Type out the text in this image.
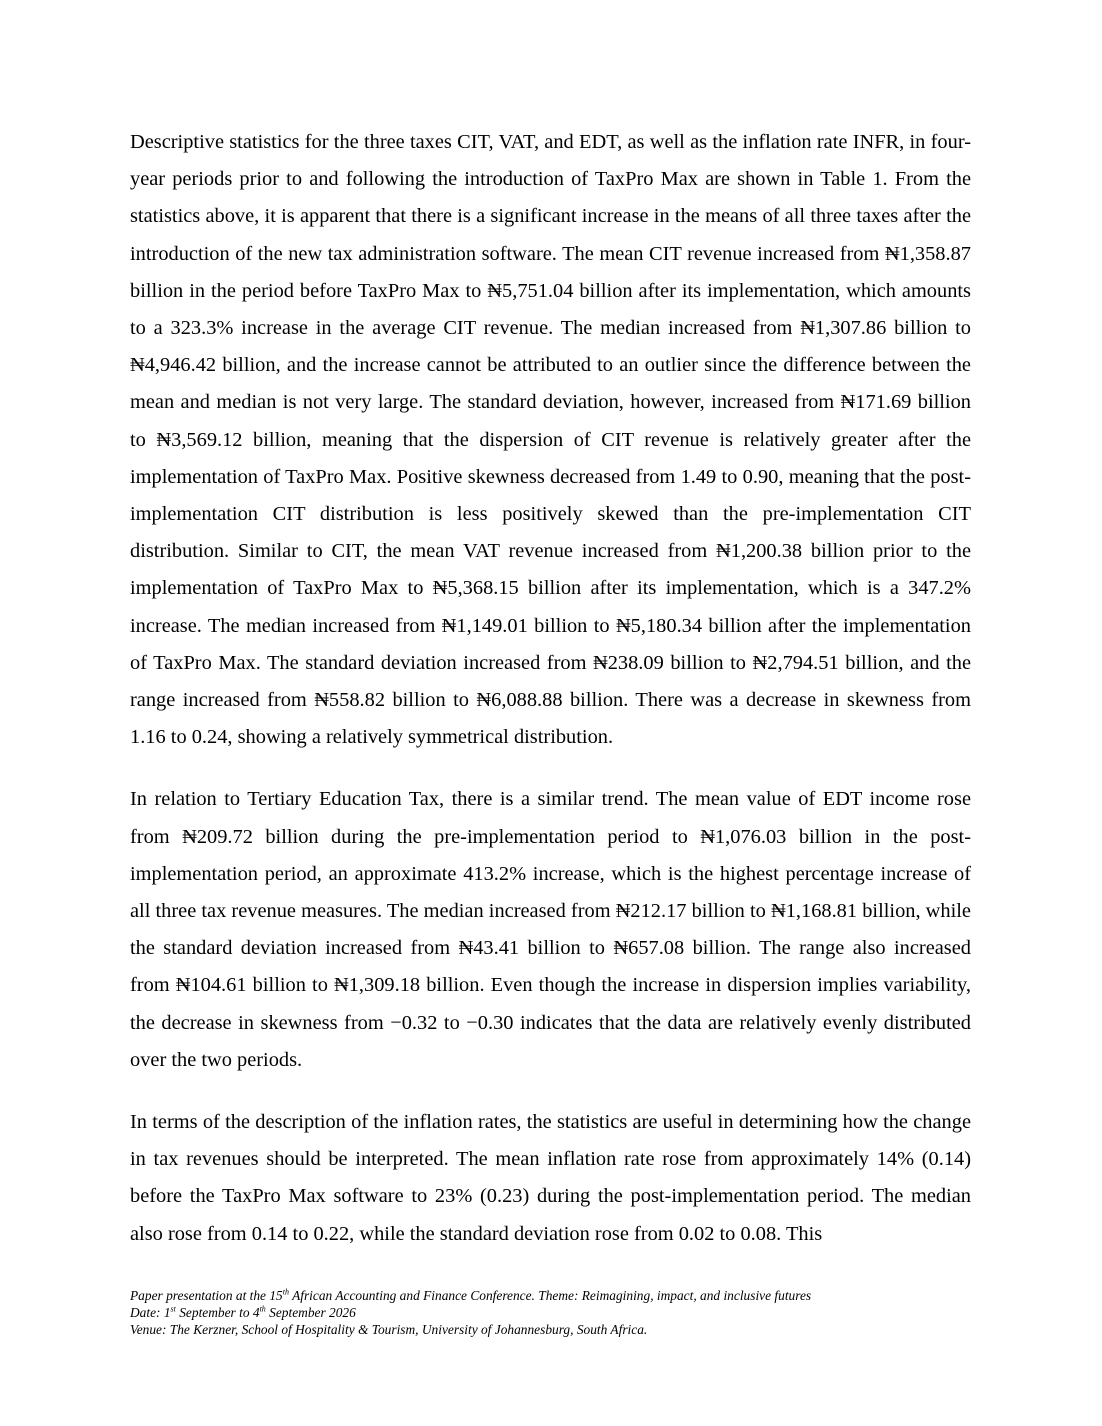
Descriptive statistics for the three taxes CIT, VAT, and EDT, as well as the inflation rate INFR, in four-year periods prior to and following the introduction of TaxPro Max are shown in Table 1. From the statistics above, it is apparent that there is a significant increase in the means of all three taxes after the introduction of the new tax administration software. The mean CIT revenue increased from ₦1,358.87 billion in the period before TaxPro Max to ₦5,751.04 billion after its implementation, which amounts to a 323.3% increase in the average CIT revenue. The median increased from ₦1,307.86 billion to ₦4,946.42 billion, and the increase cannot be attributed to an outlier since the difference between the mean and median is not very large. The standard deviation, however, increased from ₦171.69 billion to ₦3,569.12 billion, meaning that the dispersion of CIT revenue is relatively greater after the implementation of TaxPro Max. Positive skewness decreased from 1.49 to 0.90, meaning that the post-implementation CIT distribution is less positively skewed than the pre-implementation CIT distribution. Similar to CIT, the mean VAT revenue increased from ₦1,200.38 billion prior to the implementation of TaxPro Max to ₦5,368.15 billion after its implementation, which is a 347.2% increase. The median increased from ₦1,149.01 billion to ₦5,180.34 billion after the implementation of TaxPro Max. The standard deviation increased from ₦238.09 billion to ₦2,794.51 billion, and the range increased from ₦558.82 billion to ₦6,088.88 billion. There was a decrease in skewness from 1.16 to 0.24, showing a relatively symmetrical distribution.

In relation to Tertiary Education Tax, there is a similar trend. The mean value of EDT income rose from ₦209.72 billion during the pre-implementation period to ₦1,076.03 billion in the post-implementation period, an approximate 413.2% increase, which is the highest percentage increase of all three tax revenue measures. The median increased from ₦212.17 billion to ₦1,168.81 billion, while the standard deviation increased from ₦43.41 billion to ₦657.08 billion. The range also increased from ₦104.61 billion to ₦1,309.18 billion. Even though the increase in dispersion implies variability, the decrease in skewness from −0.32 to −0.30 indicates that the data are relatively evenly distributed over the two periods.

In terms of the description of the inflation rates, the statistics are useful in determining how the change in tax revenues should be interpreted. The mean inflation rate rose from approximately 14% (0.14) before the TaxPro Max software to 23% (0.23) during the post-implementation period. The median also rose from 0.14 to 0.22, while the standard deviation rose from 0.02 to 0.08. This

Paper presentation at the 15th African Accounting and Finance Conference. Theme: Reimagining, impact, and inclusive futures
Date: 1st September to 4th September 2026
Venue: The Kerzner, School of Hospitality & Tourism, University of Johannesburg, South Africa.
